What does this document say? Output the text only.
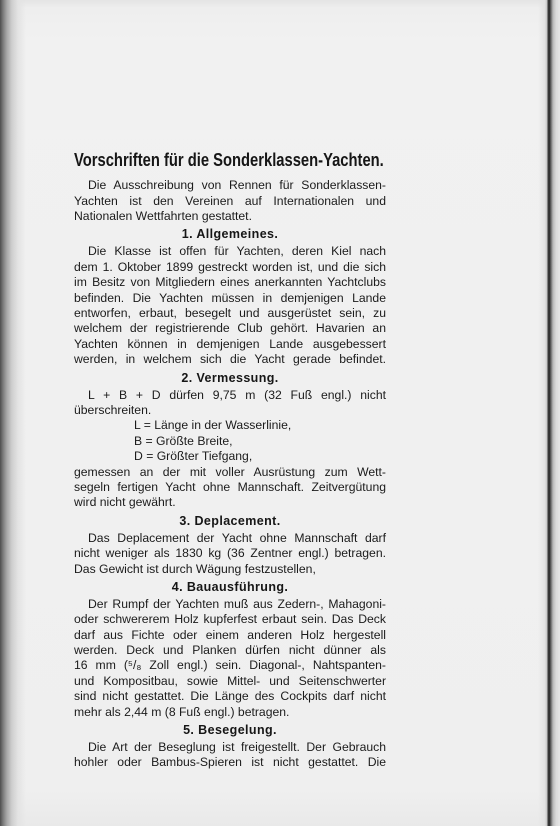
Vorschriften für die Sonderklassen-Yachten.
Die Ausschreibung von Rennen für Sonderklassen-
Yachten ist den Vereinen auf Internationalen und
Nationalen Wettfahrten gestattet.
1. Allgemeines.
Die Klasse ist offen für Yachten, deren Kiel nach
dem 1. Oktober 1899 gestreckt worden ist, und die sich
im Besitz von Mitgliedern eines anerkannten Yachtclubs
befinden. Die Yachten müssen in demjenigen Lande
entworfen, erbaut, besegelt und ausgerüstet sein, zu
welchem der registrierende Club gehört. Havarien an
Yachten können in demjenigen Lande ausgebessert
werden, in welchem sich die Yacht gerade befindet.
2. Vermessung.
L + B + D dürfen 9,75 m (32 Fuß engl.) nicht
überschreiten.
L = Länge in der Wasserlinie,
B = Größte Breite,
D = Größter Tiefgang,
gemessen an der mit voller Ausrüstung zum Wett-
segeln fertigen Yacht ohne Mannschaft. Zeitvergütung
wird nicht gewährt.
3. Deplacement.
Das Deplacement der Yacht ohne Mannschaft darf
nicht weniger als 1830 kg (36 Zentner engl.) betragen.
Das Gewicht ist durch Wägung festzustellen,
4. Bauausführung.
Der Rumpf der Yachten muß aus Zedern-, Mahagoni-
oder schwererem Holz kupferfest erbaut sein. Das Deck
darf aus Fichte oder einem anderen Holz hergestell
werden. Deck und Planken dürfen nicht dünner als
16 mm (⁵/₈ Zoll engl.) sein. Diagonal-, Nahtspanten-
und Kompositbau, sowie Mittel- und Seitenschwerter
sind nicht gestattet. Die Länge des Cockpits darf nicht
mehr als 2,44 m (8 Fuß engl.) betragen.
5. Besegelung.
Die Art der Beseglung ist freigestellt. Der Gebrauch
hohler oder Bambus-Spieren ist nicht gestattet. Die
